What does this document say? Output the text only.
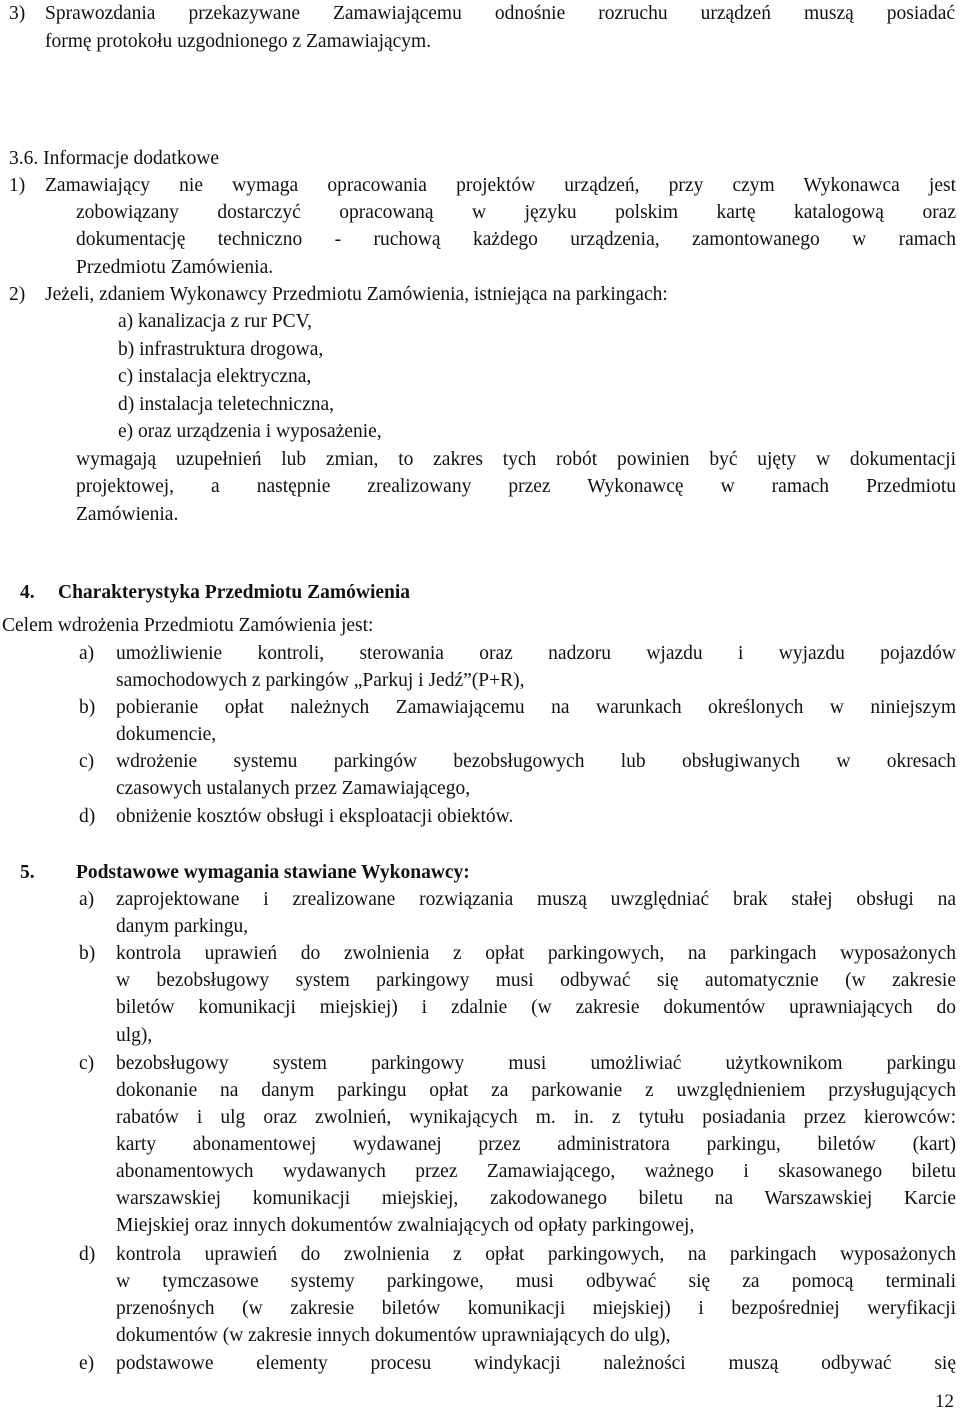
3) Sprawozdania przekazywane Zamawiającemu odnośnie rozruchu urządzeń muszą posiadać
formę protokołu uzgodnionego z Zamawiającym.
3.6. Informacje dodatkowe
1) Zamawiający nie wymaga opracowania projektów urządzeń, przy czym Wykonawca jest
zobowiązany dostarczyć opracowaną w języku polskim kartę katalogową oraz
dokumentację techniczno - ruchową każdego urządzenia, zamontowanego w ramach
Przedmiotu Zamówienia.
2) Jeżeli, zdaniem Wykonawcy Przedmiotu Zamówienia, istniejąca na parkingach:
a) kanalizacja z rur PCV,
b) infrastruktura drogowa,
c) instalacja elektryczna,
d) instalacja teletechniczna,
e) oraz urządzenia i wyposażenie,
wymagają uzupełnień lub zmian, to zakres tych robót powinien być ujęty w dokumentacji
projektowej, a następnie zrealizowany przez Wykonawcę w ramach Przedmiotu
Zamówienia.
4. Charakterystyka Przedmiotu Zamówienia
Celem wdrożenia Przedmiotu Zamówienia jest:
a) umożliwienie kontroli, sterowania oraz nadzoru wjazdu i wyjazdu pojazdów
samochodowych z parkingów „Parkuj i Jedź”(P+R),
b) pobieranie opłat należnych Zamawiającemu na warunkach określonych w niniejszym
dokumencie,
c) wdrożenie systemu parkingów bezobsługowych lub obsługiwanych w okresach
czasowych ustalanych przez Zamawiającego,
d) obniżenie kosztów obsługi i eksploatacji obiektów.
5. Podstawowe wymagania stawiane Wykonawcy:
a) zaprojektowane i zrealizowane rozwiązania muszą uwzględniać brak stałej obsługi na
danym parkingu,
b) kontrola uprawień do zwolnienia z opłat parkingowych, na parkingach wyposażonych
w bezobsługowy system parkingowy musi odbywać się automatycznie (w zakresie
biletów komunikacji miejskiej) i zdalnie (w zakresie dokumentów uprawniających do
ulg),
c) bezobsługowy system parkingowy musi umożliwiać użytkownikom parkingu
dokonanie na danym parkingu opłat za parkowanie z uwzględnieniem przysługujących
rabatów i ulg oraz zwolnień, wynikających m. in. z tytułu posiadania przez kierowców:
karty abonamentowej wydawanej przez administratora parkingu, biletów (kart)
abonamentowych wydawanych przez Zamawiającego, ważnego i skasowanego biletu
warszawskiej komunikacji miejskiej, zakodowanego biletu na Warszawskiej Karcie
Miejskiej oraz innych dokumentów zwalniających od opłaty parkingowej,
d) kontrola uprawień do zwolnienia z opłat parkingowych, na parkingach wyposażonych
w tymczasowe systemy parkingowe, musi odbywać się za pomocą terminali
przenośnych (w zakresie biletów komunikacji miejskiej) i bezpośredniej weryfikacji
dokumentów (w zakresie innych dokumentów uprawniających do ulg),
e) podstawowe elementy procesu windykacji należności muszą odbywać się
12
